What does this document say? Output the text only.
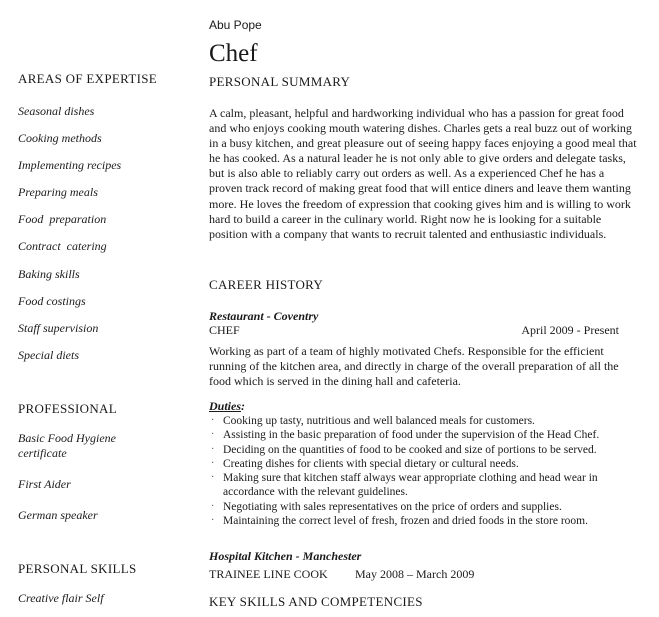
Abu Pope
Chef
AREAS OF EXPERTISE
Seasonal dishes
Cooking methods
Implementing recipes
Preparing meals
Food  preparation
Contract  catering
Baking skills
Food costings
Staff supervision
Special diets
PROFESSIONAL
Basic Food Hygiene certificate
First Aider
German speaker
PERSONAL SKILLS
Creative flair Self
PERSONAL SUMMARY

A calm, pleasant, helpful and hardworking individual who has a passion for great food and who enjoys cooking mouth watering dishes. Charles gets a real buzz out of working in a busy kitchen, and great pleasure out of seeing happy faces enjoying a good meal that he has cooked. As a natural leader he is not only able to give orders and delegate tasks, but is also able to reliably carry out orders as well. As a experienced Chef he has a proven track record of making great food that will entice diners and leave them wanting more. He loves the freedom of expression that cooking gives him and is willing to work hard to build a career in the culinary world. Right now he is looking for a suitable position with a company that wants to recruit talented and enthusiastic individuals.

CAREER HISTORY
Restaurant - Coventry
CHEF	April 2009 - Present

Working as part of a team of highly motivated Chefs. Responsible for the efficient running of the kitchen area, and directly in charge of the overall preparation of all the food which is served in the dining hall and cafeteria.

Duties:
· Cooking up tasty, nutritious and well balanced meals for customers.
· Assisting in the basic preparation of food under the supervision of the Head Chef.
· Deciding on the quantities of food to be cooked and size of portions to be served.
· Creating dishes for clients with special dietary or cultural needs.
· Making sure that kitchen staff always wear appropriate clothing and head wear in accordance with the relevant guidelines.
· Negotiating with sales representatives on the price of orders and supplies.
· Maintaining the correct level of fresh, frozen and dried foods in the store room.
Hospital Kitchen - Manchester
TRAINEE LINE COOK May 2008 – March 2009
KEY SKILLS AND COMPETENCIES
